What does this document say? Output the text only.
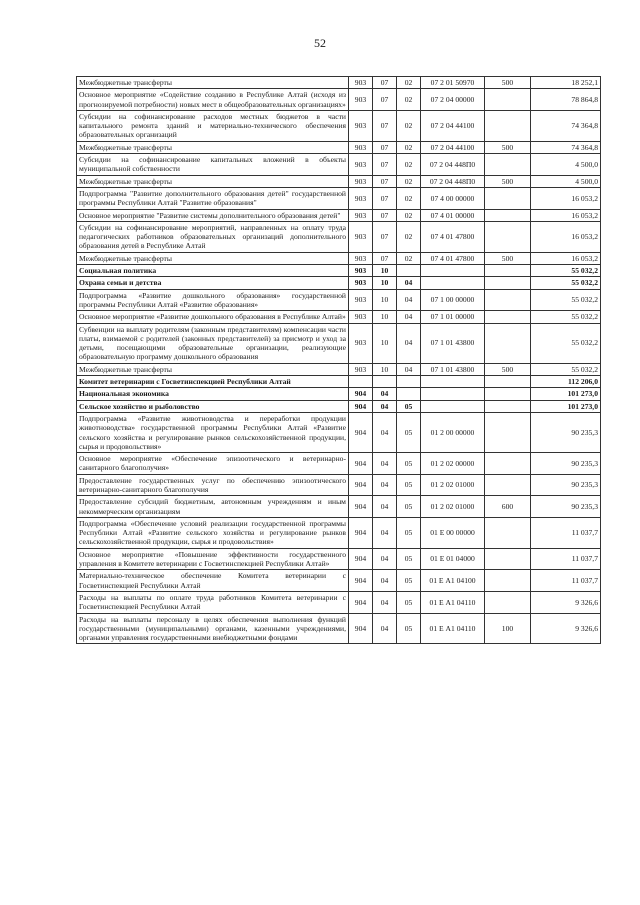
52
Межбюджетные трансферты	903	07	02	07 2 01 50970	500	18 252,1
Основное мероприятие «Содействие созданию в Республике Алтай (исходя из прогнозируемой потребности) новых мест в общеобразовательных организациях»	903	07	02	07 2 04 00000		78 864,8
Субсидии на софинансирование расходов местных бюджетов в части капитального ремонта зданий и материально-технического обеспечения образовательных организаций	903	07	02	07 2 04 44100		74 364,8
Межбюджетные трансферты	903	07	02	07 2 04 44100	500	74 364,8
Субсидии на софинансирование капитальных вложений в объекты муниципальной собственности	903	07	02	07 2 04 448П0		4 500,0
Межбюджетные трансферты	903	07	02	07 2 04 448П0	500	4 500,0
Подпрограмма "Развитие дополнительного образования детей" государственной программы Республики Алтай "Развитие образования"	903	07	02	07 4 00 00000		16 053,2
Основное мероприятие "Развитие системы дополнительного образования детей"	903	07	02	07 4 01 00000		16 053,2
Субсидии на софинансирование мероприятий, направленных на оплату труда педагогических работников образовательных организаций дополнительного образования детей в Республике Алтай	903	07	02	07 4 01 47800		16 053,2
Межбюджетные трансферты	903	07	02	07 4 01 47800	500	16 053,2
Социальная политика	903	10				55 032,2
Охрана семьи и детства	903	10	04			55 032,2
Подпрограмма «Развитие дошкольного образования» государственной программы Республики Алтай «Развитие образования»	903	10	04	07 1 00 00000		55 032,2
Основное мероприятие «Развитие дошкольного образования в Республике Алтай»	903	10	04	07 1 01 00000		55 032,2
Субвенции на выплату родителям (законным представителям) компенсации части платы, взимаемой с родителей (законных представителей) за присмотр и уход за детьми, посещающими образовательные организации, реализующие образовательную программу дошкольного образования	903	10	04	07 1 01 43800		55 032,2
Межбюджетные трансферты	903	10	04	07 1 01 43800	500	55 032,2
Комитет ветеринарии с Госветинспекцией Республики Алтай						112 206,0
Национальная экономика	904	04				101 273,0
Сельское хозяйство и рыболовство	904	04	05			101 273,0
Подпрограмма «Развитие животноводства и переработки продукции животноводства» государственной программы Республики Алтай «Развитие сельского хозяйства и регулирование рынков сельскохозяйственной продукции, сырья и продовольствия»	904	04	05	01 2 00 00000		90 235,3
Основное мероприятие «Обеспечение эпизоотического и ветеринарно-санитарного благополучия»	904	04	05	01 2 02 00000		90 235,3
Предоставление государственных услуг по обеспечению эпизоотического ветеринарно-санитарного благополучия	904	04	05	01 2 02 01000		90 235,3
Предоставление субсидий бюджетным, автономным учреждениям и иным некоммерческим организациям	904	04	05	01 2 02 01000	600	90 235,3
Подпрограмма «Обеспечение условий реализации государственной программы Республики Алтай «Развитие сельского хозяйства и регулирование рынков сельскохозяйственной продукции, сырья и продовольствия»	904	04	05	01 Е 00 00000		11 037,7
Основное мероприятие «Повышение эффективности государственного управления в Комитете ветеринарии с Госветинспекцией Республики Алтай»	904	04	05	01 Е 01 04000		11 037,7
Материально-техническое обеспечение Комитета ветеринарии с Госветинспекцией Республики Алтай	904	04	05	01 Е А1 04100		11 037,7
Расходы на выплаты по оплате труда работников Комитета ветеринарии с Госветинспекцией Республики Алтай	904	04	05	01 Е А1 04110		9 326,6
Расходы на выплаты персоналу в целях обеспечения выполнения функций государственными (муниципальными) органами, казенными учреждениями, органами управления государственными внебюджетными фондами	904	04	05	01 Е А1 04110	100	9 326,6
